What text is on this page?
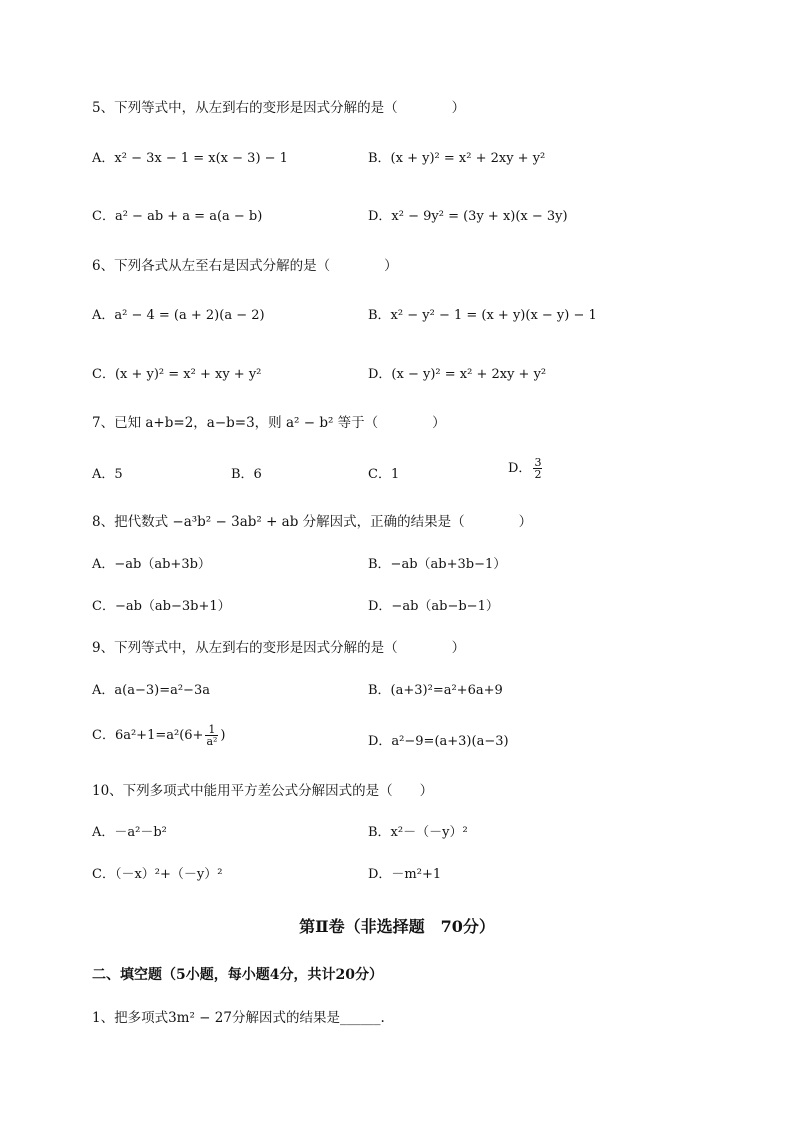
5、下列等式中，从左到右的变形是因式分解的是（　　　　）
A．x² − 3x − 1 = x(x − 3) − 1	B．(x + y)² = x² + 2xy + y²
C．a² − ab + a = a(a − b)	D．x² − 9y² = (3y + x)(x − 3y)
6、下列各式从左至右是因式分解的是（　　　　）
A．a² − 4 = (a + 2)(a − 2)	B．x² − y² − 1 = (x + y)(x − y) − 1
C．(x + y)² = x² + xy + y²	D．(x − y)² = x² + 2xy + y²
7、已知 a+b=2，a−b=3，则 a² − b² 等于（　　　　）
A．5	B．6	C．1	D． $\frac{3}{2}$
8、把代数式 −a³b² − 3ab² + ab 分解因式，正确的结果是（　　　　）
A．−ab（ab+3b）	B．−ab（ab+3b−1）
C．−ab（ab−3b+1）	D．−ab（ab−b−1）
9、下列等式中，从左到右的变形是因式分解的是（　　　　）
A．a(a−3)=a²−3a	B．(a+3)²=a²+6a+9
C．$6a^2+1=a^2(6+ \frac{1}{\text{a²}}$ )	D．a²−9=(a+3)(a−3)
10、下列多项式中能用平方差公式分解因式的是（　　）
A．－a²－b²	B．x²－（－y）²
C．（－x）²+（－y）²	D．－m²+1
第Ⅱ卷（非选择题　70分）
二、填空题（5小题，每小题4分，共计20分）
1、把多项式3m² − 27分解因式的结果是______.
